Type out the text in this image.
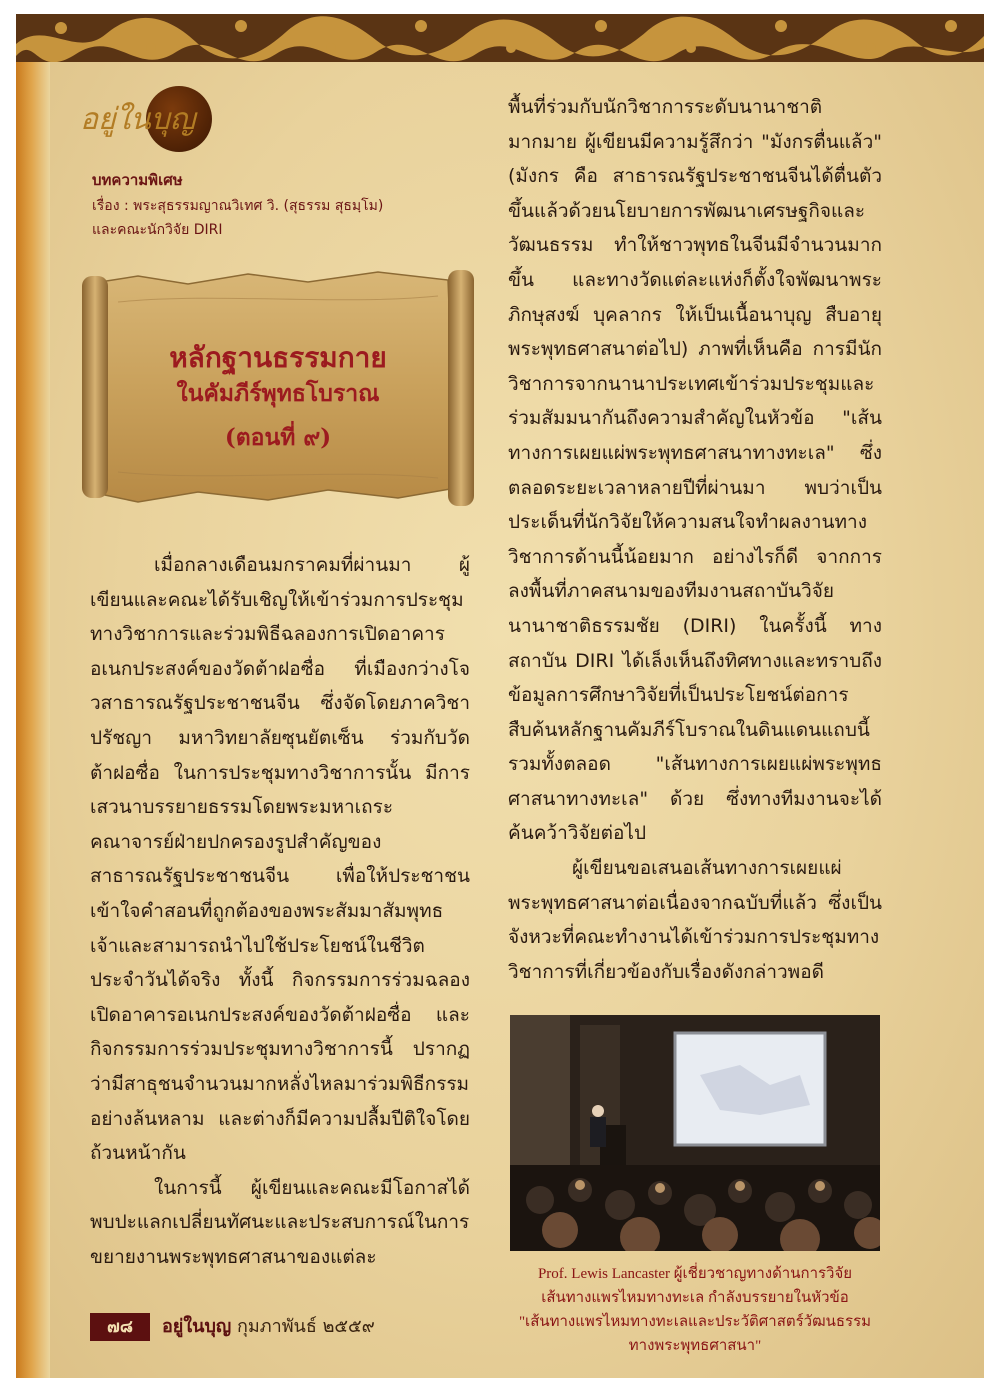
อยู่ในบุญ
บทความพิเศษ
เรื่อง : พระสุธรรมญาณวิเทศ วิ. (สุธรรม สุธมฺโม)
และคณะนักวิจัย DIRI
หลักฐานธรรมกาย
ในคัมภีร์พุทธโบราณ
(ตอนที่ ๙)

เมื่อกลางเดือนมกราคมที่ผ่านมา ผู้เขียนและคณะได้รับเชิญให้เข้าร่วมการประชุมทางวิชาการและร่วมพิธีฉลองการเปิดอาคารอเนกประสงค์ของวัดต้าฝอซื่อ ที่เมืองกว่างโจวสาธารณรัฐประชาชนจีน ซึ่งจัดโดยภาควิชาปรัชญา มหาวิทยาลัยซุนยัตเซ็น ร่วมกับวัดต้าฝอซื่อ ในการประชุมทางวิชาการนั้น มีการเสวนาบรรยายธรรมโดยพระมหาเถระคณาจารย์ฝ่ายปกครองรูปสำคัญของสาธารณรัฐประชาชนจีน เพื่อให้ประชาชนเข้าใจคำสอนที่ถูกต้องของพระสัมมาสัมพุทธเจ้าและสามารถนำไปใช้ประโยชน์ในชีวิตประจำวันได้จริง ทั้งนี้ กิจกรรมการร่วมฉลองเปิดอาคารอเนกประสงค์ของวัดต้าฝอซื่อ และกิจกรรมการร่วมประชุมทางวิชาการนี้ ปรากฏว่ามีสาธุชนจำนวนมากหลั่งไหลมาร่วมพิธีกรรมอย่างล้นหลาม และต่างก็มีความปลื้มปีติใจโดยถ้วนหน้ากัน

ในการนี้ ผู้เขียนและคณะมีโอกาสได้พบปะแลกเปลี่ยนทัศนะและประสบการณ์ในการขยายงานพระพุทธศาสนาของแต่ละ

พื้นที่ร่วมกับนักวิชาการระดับนานาชาติมากมาย ผู้เขียนมีความรู้สึกว่า "มังกรตื่นแล้ว" (มังกร คือ สาธารณรัฐประชาชนจีนได้ตื่นตัวขึ้นแล้วด้วยนโยบายการพัฒนาเศรษฐกิจและวัฒนธรรม ทำให้ชาวพุทธในจีนมีจำนวนมากขึ้น และทางวัดแต่ละแห่งก็ตั้งใจพัฒนาพระภิกษุสงฆ์ บุคลากร ให้เป็นเนื้อนาบุญ สืบอายุพระพุทธศาสนาต่อไป) ภาพที่เห็นคือ การมีนักวิชาการจากนานาประเทศเข้าร่วมประชุมและร่วมสัมมนากันถึงความสำคัญในหัวข้อ "เส้นทางการเผยแผ่พระพุทธศาสนาทางทะเล" ซึ่งตลอดระยะเวลาหลายปีที่ผ่านมา พบว่าเป็นประเด็นที่นักวิจัยให้ความสนใจทำผลงานทางวิชาการด้านนี้น้อยมาก อย่างไรก็ดี จากการลงพื้นที่ภาคสนามของทีมงานสถาบันวิจัยนานาชาติธรรมชัย (DIRI) ในครั้งนี้ ทางสถาบัน DIRI ได้เล็งเห็นถึงทิศทางและทราบถึงข้อมูลการศึกษาวิจัยที่เป็นประโยชน์ต่อการสืบค้นหลักฐานคัมภีร์โบราณในดินแดนแถบนี้ รวมทั้งตลอด "เส้นทางการเผยแผ่พระพุทธศาสนาทางทะเล" ด้วย ซึ่งทางทีมงานจะได้ค้นคว้าวิจัยต่อไป

ผู้เขียนขอเสนอเส้นทางการเผยแผ่พระพุทธศาสนาต่อเนื่องจากฉบับที่แล้ว ซึ่งเป็นจังหวะที่คณะทำงานได้เข้าร่วมการประชุมทางวิชาการที่เกี่ยวข้องกับเรื่องดังกล่าวพอดี

Prof. Lewis Lancaster ผู้เชี่ยวชาญทางด้านการวิจัย
เส้นทางแพรไหมทางทะเล กำลังบรรยายในหัวข้อ
"เส้นทางแพรไหมทางทะเลและประวัติศาสตร์วัฒนธรรม
ทางพระพุทธศาสนา"
๗๘	อยู่ในบุญ กุมภาพันธ์ ๒๕๕๙
